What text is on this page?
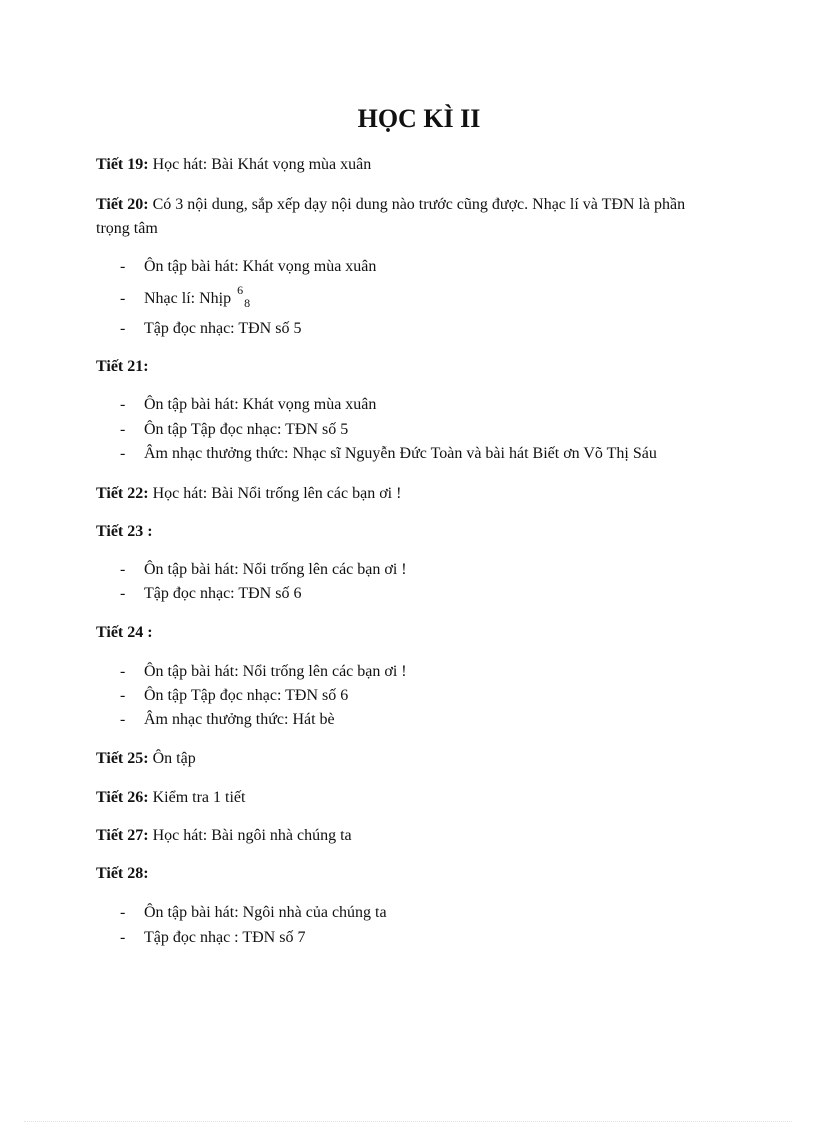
HỌC KÌ II
Tiết 19: Học hát: Bài Khát vọng mùa xuân
Tiết 20: Có 3 nội dung, sắp xếp dạy nội dung nào trước cũng được. Nhạc lí và TĐN là phần trọng tâm
- Ôn tập bài hát: Khát vọng mùa xuân
- Nhạc lí: Nhịp $^6_8$
- Tập đọc nhạc: TĐN số 5
Tiết 21:
- Ôn tập bài hát: Khát vọng mùa xuân
- Ôn tập Tập đọc nhạc: TĐN số 5
- Âm nhạc thưởng thức: Nhạc sĩ Nguyễn Đức Toàn và bài hát Biết ơn Võ Thị Sáu
Tiết 22: Học hát: Bài Nổi trống lên các bạn ơi !
Tiết 23 :
- Ôn tập bài hát: Nổi trống lên các bạn ơi !
- Tập đọc nhạc: TĐN số 6
Tiết 24 :
- Ôn tập bài hát: Nổi trống lên các bạn ơi !
- Ôn tập Tập đọc nhạc: TĐN số 6
- Âm nhạc thưởng thức: Hát bè
Tiết 25: Ôn tập
Tiết 26: Kiểm tra 1 tiết
Tiết 27: Học hát: Bài ngôi nhà chúng ta
Tiết 28:
- Ôn tập bài hát: Ngôi nhà của chúng ta
- Tập đọc nhạc : TĐN số 7
